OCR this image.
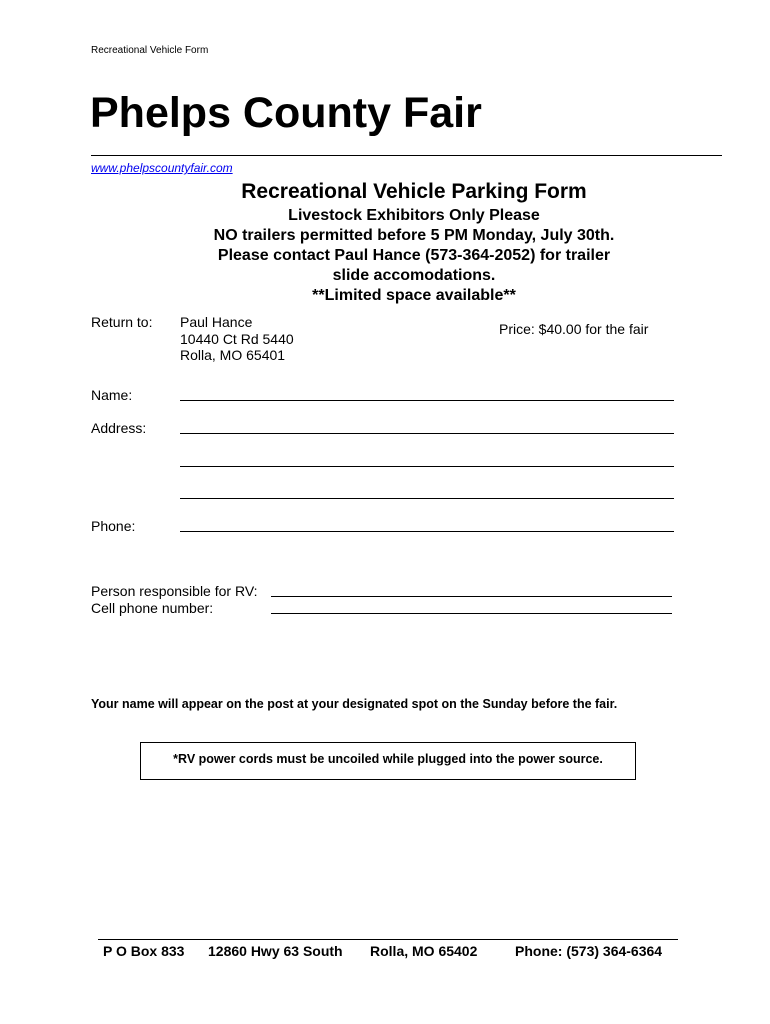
Recreational Vehicle Form
Phelps County Fair
www.phelpscountyfair.com
Recreational Vehicle Parking Form
Livestock Exhibitors Only Please
NO trailers permitted before 5 PM Monday, July 30th.
Please contact Paul Hance (573-364-2052) for trailer
slide accomodations.
**Limited space available**
Return to: Paul Hance
10440 Ct Rd 5440
Rolla, MO 65401
Price: $40.00 for the fair
Name:
Address:
Phone:
Person responsible for RV:
Cell phone number:
Your name will appear on the post at your designated spot on the Sunday before the fair.
*RV power cords must be uncoiled while plugged into the power source.
P O Box 833 12860 Hwy 63 South Rolla, MO 65402	Phone: (573) 364-6364
